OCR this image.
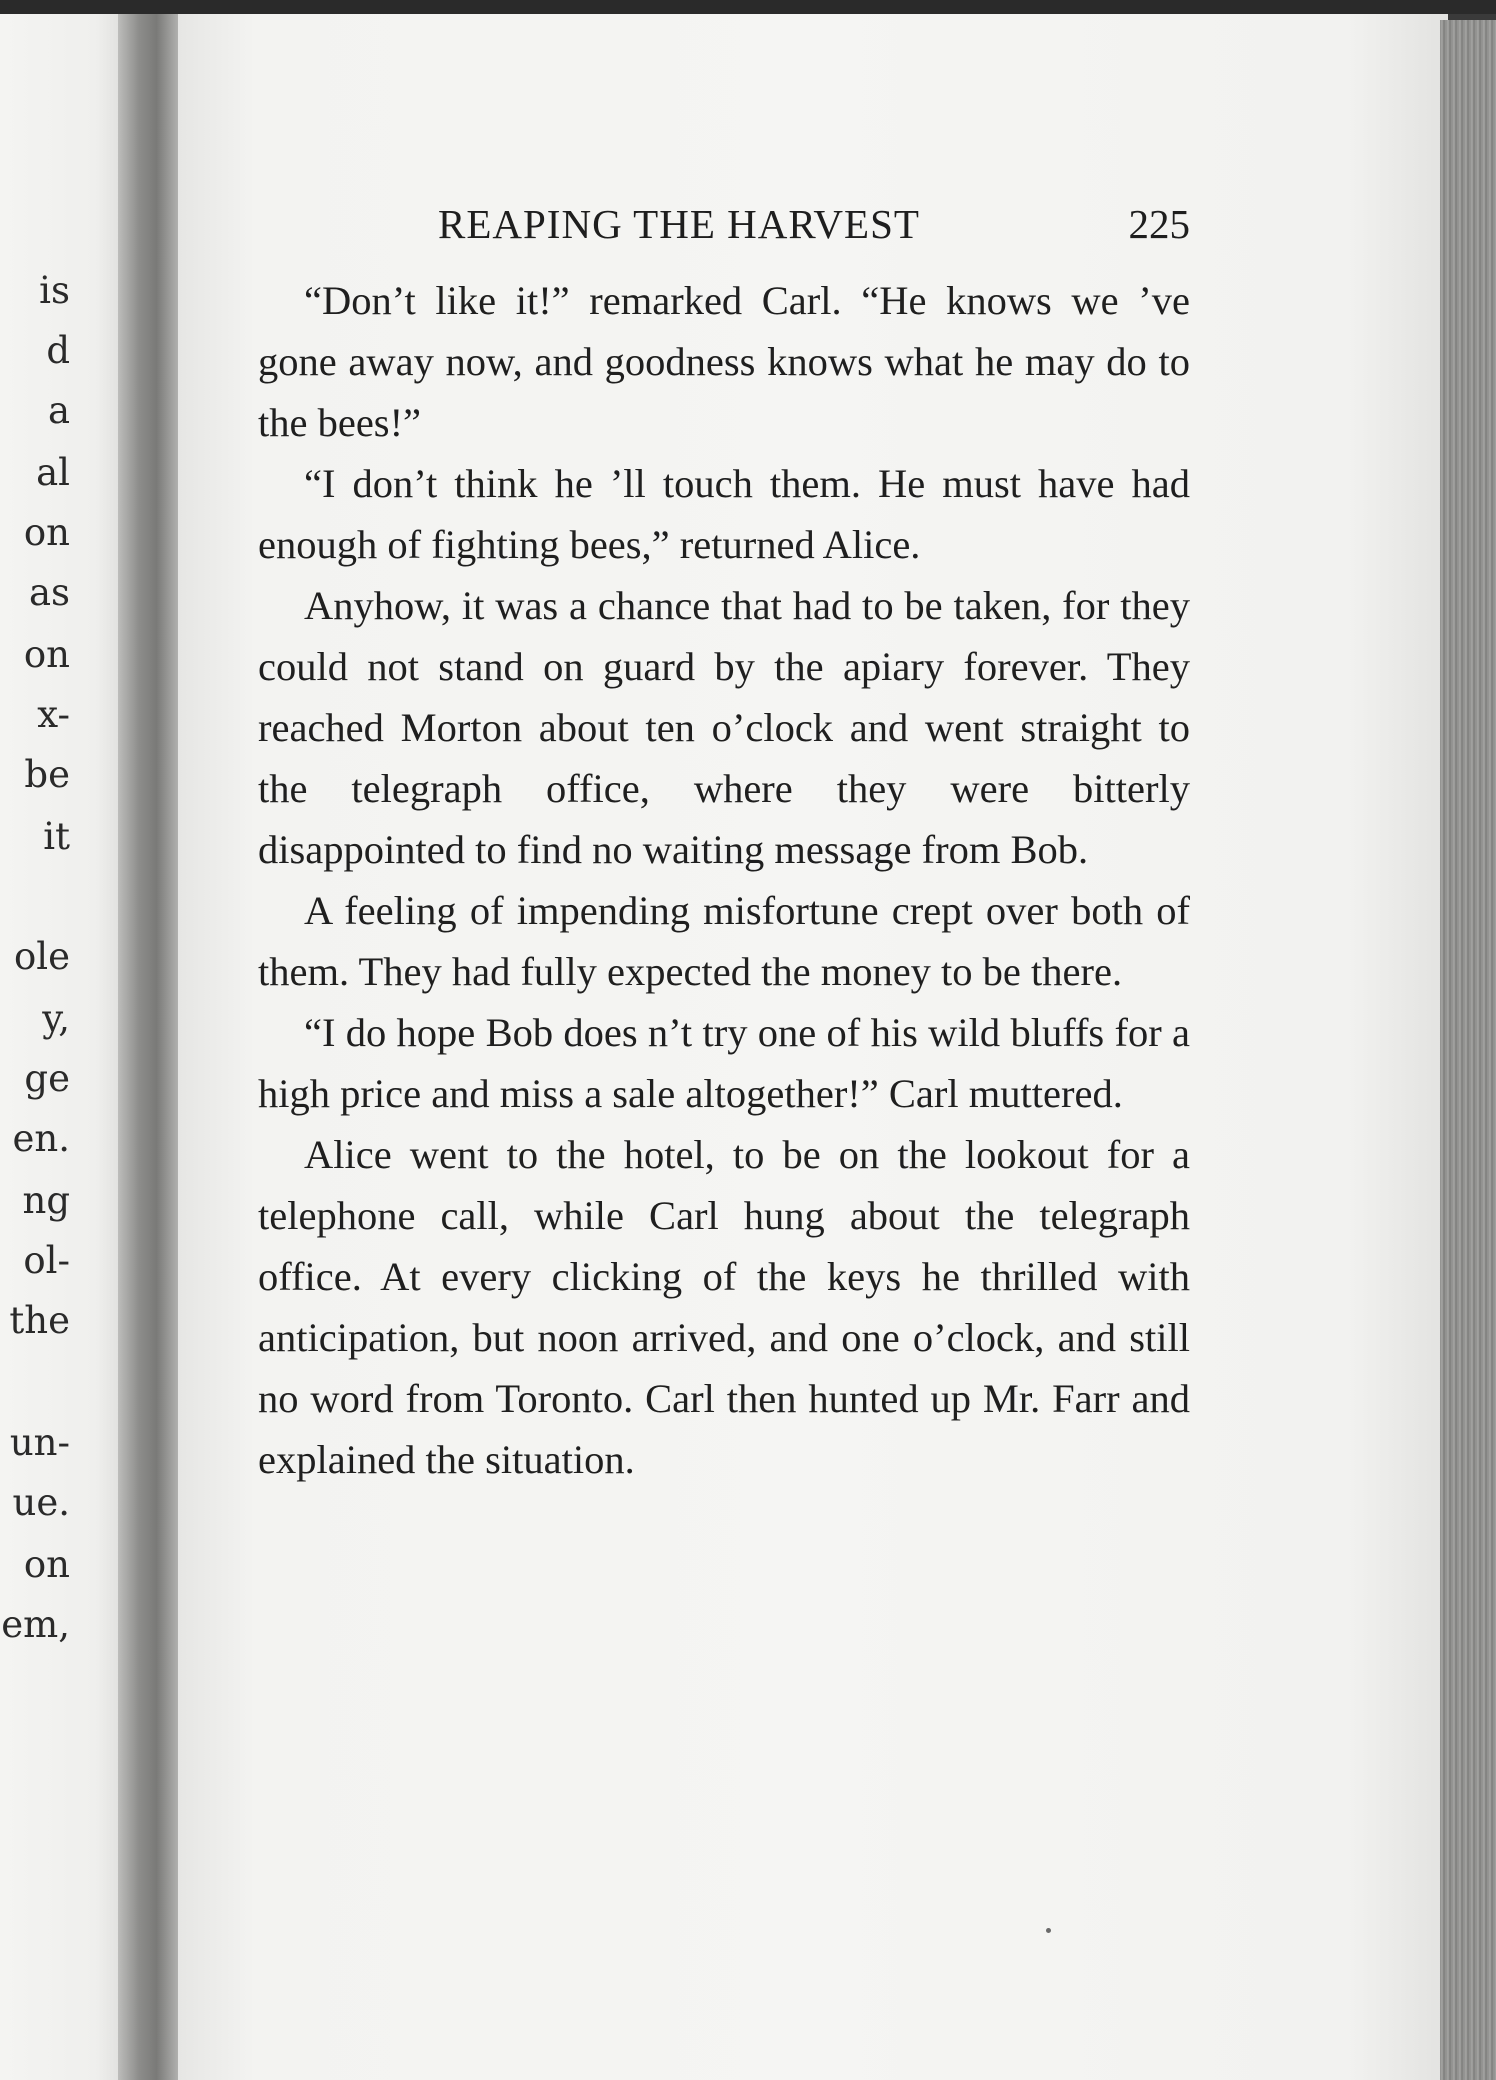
is
d
a
al
on
as
on
x-
be
it
ole
y,
ge
en.
ng
ol-
the
un-
ue.
on
em,
REAPING THE HARVEST	225

“Don’t like it!” remarked Carl. “He knows we ’ve gone away now, and goodness knows what he may do to the bees!”

“I don’t think he ’ll touch them. He must have had enough of fighting bees,” returned Alice.

Anyhow, it was a chance that had to be taken, for they could not stand on guard by the apiary forever. They reached Morton about ten o’clock and went straight to the telegraph office, where they were bitterly disappointed to find no waiting message from Bob.

A feeling of impending misfortune crept over both of them. They had fully expected the money to be there.

“I do hope Bob does n’t try one of his wild bluffs for a high price and miss a sale altogether!” Carl muttered.

Alice went to the hotel, to be on the lookout for a telephone call, while Carl hung about the telegraph office. At every clicking of the keys he thrilled with anticipation, but noon arrived, and one o’clock, and still no word from Toronto. Carl then hunted up Mr. Farr and explained the situation.
